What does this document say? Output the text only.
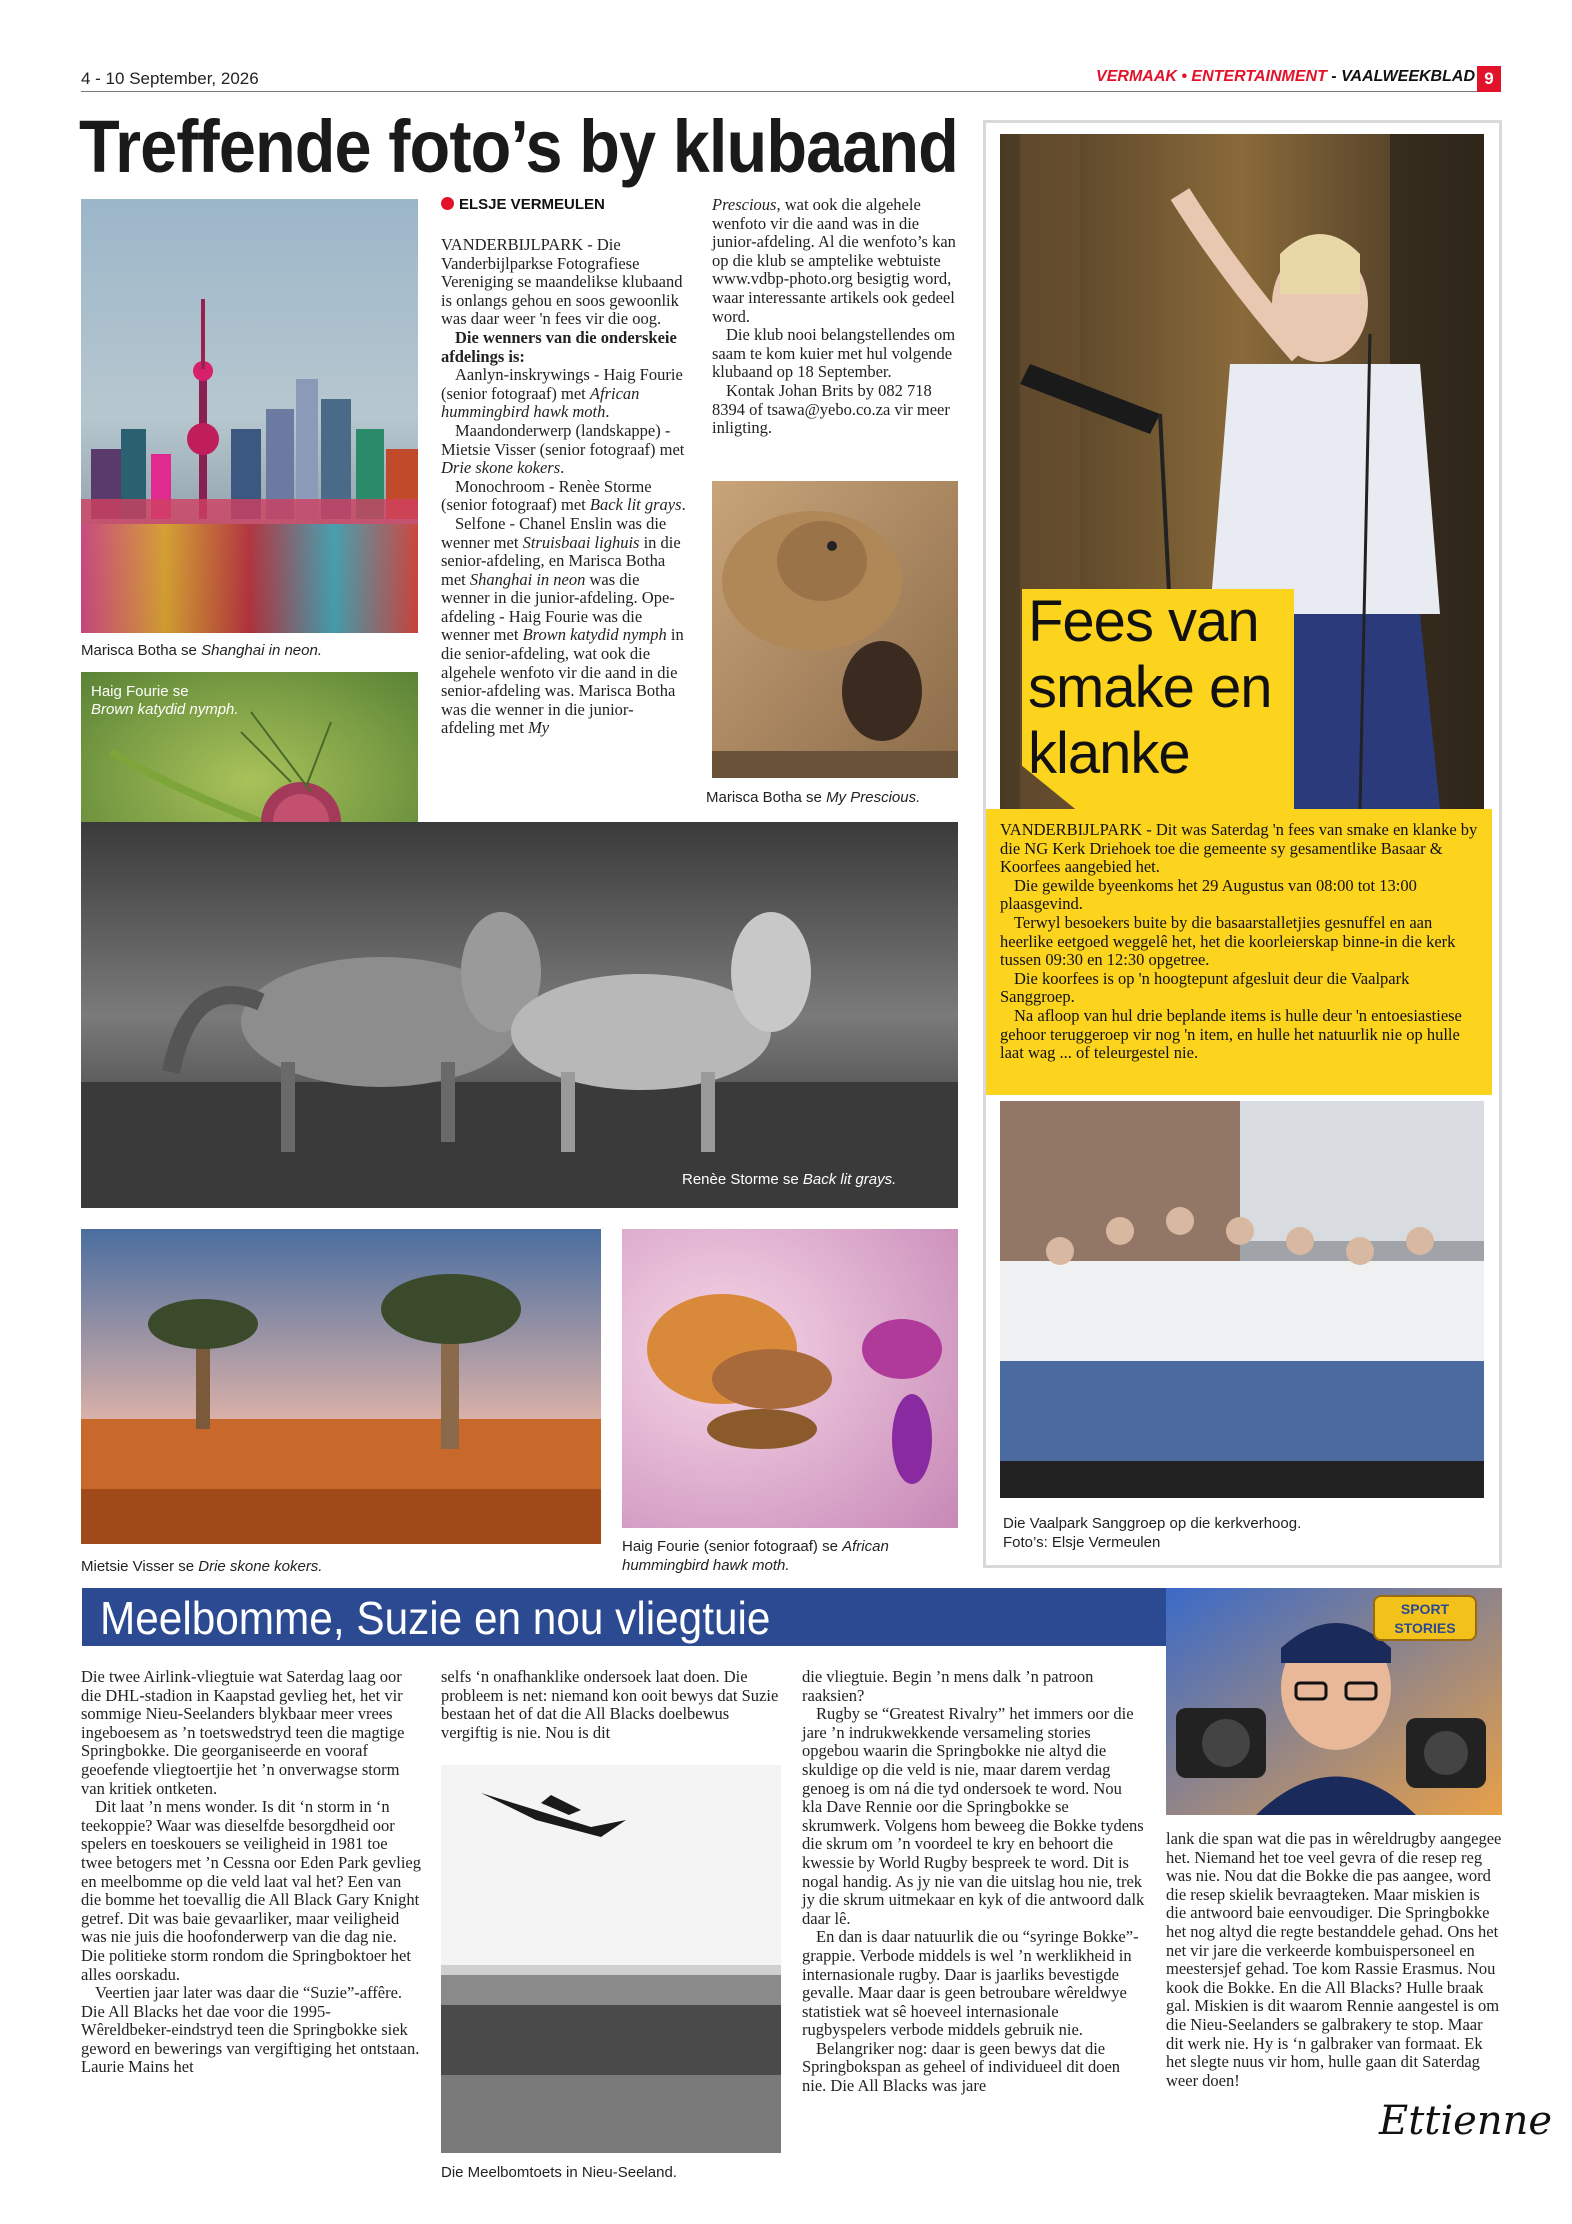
4 - 10 September, 2026	VERMAAK • ENTERTAINMENT - VAALWEEKBLAD 9
Treffende foto’s by klubaand
Marisca Botha se Shanghai in neon.
Haig Fourie se
Brown katydid nymph.
ELSJE VERMEULEN

VANDERBIJLPARK - Die Vanderbijlparkse Fotografiese Vereniging se maandelikse klubaand is onlangs gehou en soos gewoonlik was daar weer 'n fees vir die oog.

Die wenners van die onderskeie afdelings is:

Aanlyn-inskrywings - Haig Fourie (senior fotograaf) met African hummingbird hawk moth.

Maandonderwerp (landskappe) - Mietsie Visser (senior fotograaf) met Drie skone kokers.

Monochroom - Renèe Storme (senior fotograaf) met Back lit grays.

Selfone - Chanel Enslin was die wenner met Struisbaai lighuis in die senior-afdeling, en Marisca Botha met Shanghai in neon was die wenner in die junior-afdeling. Ope-afdeling - Haig Fourie was die wenner met Brown katydid nymph in die senior-afdeling, wat ook die algehele wenfoto vir die aand in die senior-afdeling was. Marisca Botha was die wenner in die junior-afdeling met My

Prescious, wat ook die algehele wenfoto vir die aand was in die junior-afdeling. Al die wenfoto’s kan op die klub se amptelike webtuiste www.vdbp-photo.org besigtig word, waar interessante artikels ook gedeel word.

Die klub nooi belangstellendes om saam te kom kuier met hul volgende klubaand op 18 September.

Kontak Johan Brits by 082 718 8394 of tsawa@yebo.co.za vir meer inligting.

Marisca Botha se My Prescious.
Renèe Storme se Back lit grays.
Mietsie Visser se Drie skone kokers.
Haig Fourie (senior fotograaf) se African hummingbird hawk moth.
Fees van
smake en
klanke

VANDERBIJLPARK - Dit was Saterdag 'n fees van smake en klanke by die NG Kerk Driehoek toe die gemeente sy gesamentlike Basaar & Koorfees aangebied het.

Die gewilde byeenkoms het 29 Augustus van 08:00 tot 13:00 plaasgevind.

Terwyl besoekers buite by die basaarstalletjies gesnuffel en aan heerlike eetgoed weggelê het, het die koorleierskap binne-in die kerk tussen 09:30 en 12:30 opgetree.

Die koorfees is op 'n hoogtepunt afgesluit deur die Vaalpark Sanggroep.

Na afloop van hul drie beplande items is hulle deur 'n entoesiastiese gehoor teruggeroep vir nog 'n item, en hulle het natuurlik nie op hulle laat wag ... of teleurgestel nie.

Die Vaalpark Sanggroep op die kerkverhoog.
Foto’s: Elsje Vermeulen
Meelbomme, Suzie en nou vliegtuie	SPORT
STORIES

Die twee Airlink-vliegtuie wat Saterdag laag oor die DHL-stadion in Kaapstad gevlieg het, het vir sommige Nieu-Seelanders blykbaar meer vrees ingeboesem as ’n toetswedstryd teen die magtige Springbokke. Die georganiseerde en vooraf geoefende vliegtoertjie het ’n onverwagse storm van kritiek ontketen.

Dit laat ’n mens wonder. Is dit ‘n storm in ‘n teekoppie? Waar was dieselfde besorgdheid oor spelers en toeskouers se veiligheid in 1981 toe twee betogers met ’n Cessna oor Eden Park gevlieg en meelbomme op die veld laat val het? Een van die bomme het toevallig die All Black Gary Knight getref. Dit was baie gevaarliker, maar veiligheid was nie juis die hoofonderwerp van die dag nie. Die politieke storm rondom die Springboktoer het alles oorskadu.

Veertien jaar later was daar die “Suzie”-affêre. Die All Blacks het dae voor die 1995-Wêreldbeker-eindstryd teen die Springbokke siek geword en bewerings van vergiftiging het ontstaan. Laurie Mains het

selfs ‘n onafhanklike ondersoek laat doen. Die probleem is net: niemand kon ooit bewys dat Suzie bestaan het of dat die All Blacks doelbewus vergiftig is nie. Nou is dit

Die Meelbomtoets in Nieu-Seeland.

die vliegtuie. Begin ’n mens dalk ’n patroon raaksien?

Rugby se “Greatest Rivalry” het immers oor die jare ’n indrukwekkende versameling stories opgebou waarin die Springbokke nie altyd die skuldige op die veld is nie, maar darem verdag genoeg is om ná die tyd ondersoek te word. Nou kla Dave Rennie oor die Springbokke se skrumwerk. Volgens hom beweeg die Bokke tydens die skrum om ’n voordeel te kry en behoort die kwessie by World Rugby bespreek te word. Dit is nogal handig. As jy nie van die uitslag hou nie, trek jy die skrum uitmekaar en kyk of die antwoord dalk daar lê.

En dan is daar natuurlik die ou “syringe Bokke”-grappie. Verbode middels is wel ’n werklikheid in internasionale rugby. Daar is jaarliks bevestigde gevalle. Maar daar is geen betroubare wêreldwye statistiek wat sê hoeveel internasionale rugbyspelers verbode middels gebruik nie.

Belangriker nog: daar is geen bewys dat die Springbokspan as geheel of individueel dit doen nie. Die All Blacks was jare

lank die span wat die pas in wêreldrugby aangegee het. Niemand het toe veel gevra of die resep reg was nie. Nou dat die Bokke die pas aangee, word die resep skielik bevraagteken. Maar miskien is die antwoord baie eenvoudiger. Die Springbokke het nog altyd die regte bestanddele gehad. Ons het net vir jare die verkeerde kombuispersoneel en meestersjef gehad. Toe kom Rassie Erasmus. Nou kook die Bokke. En die All Blacks? Hulle braak gal. Miskien is dit waarom Rennie aangestel is om die Nieu-Seelanders se galbrakery te stop. Maar dit werk nie. Hy is ‘n galbraker van formaat. Ek het slegte nuus vir hom, hulle gaan dit Saterdag weer doen!

Ettienne
